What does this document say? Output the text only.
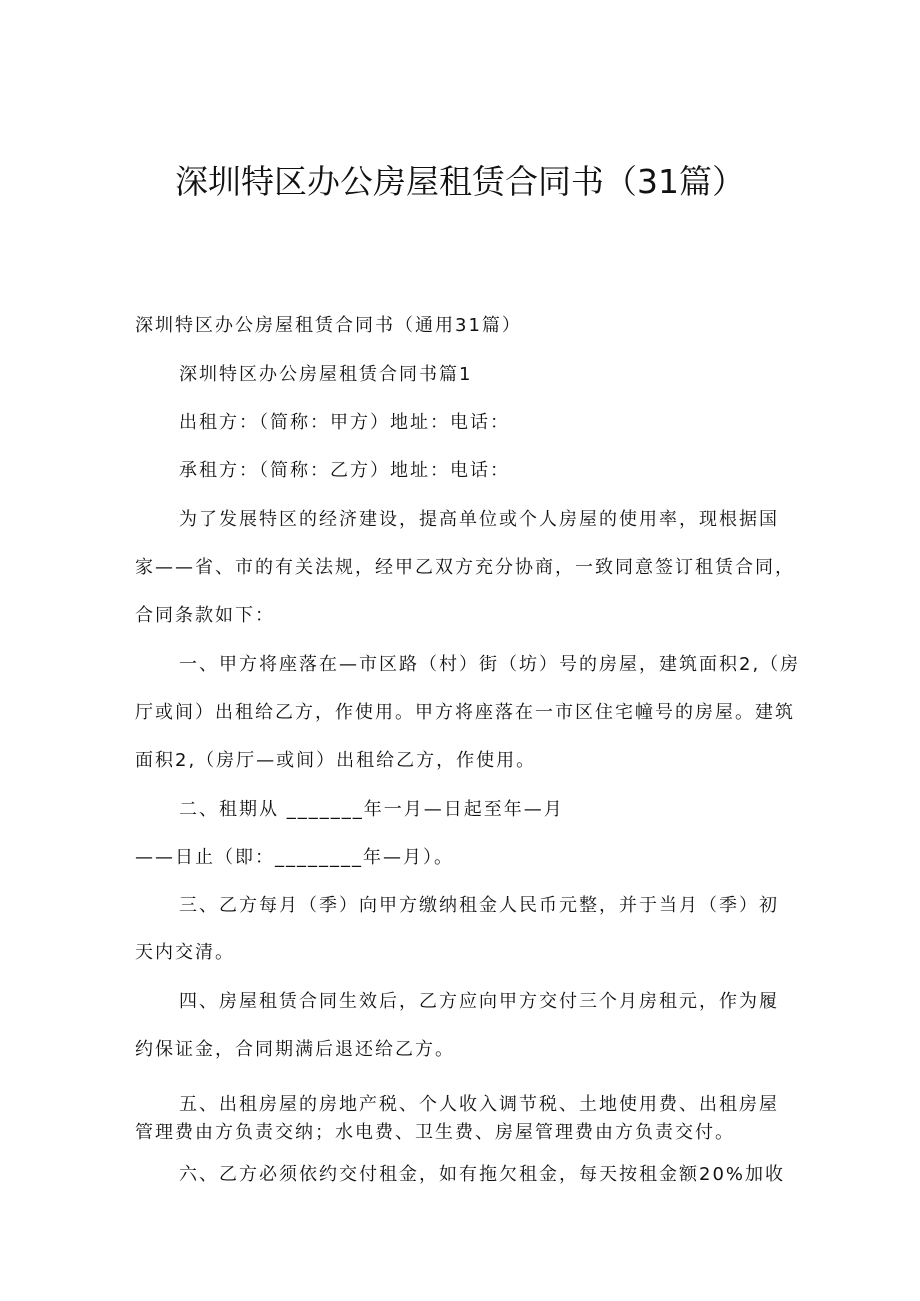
深圳特区办公房屋租赁合同书（31篇）

深圳特区办公房屋租赁合同书（通用31篇）

深圳特区办公房屋租赁合同书篇1

出租方：（简称：甲方）地址：电话：

承租方：（简称：乙方）地址：电话：

为了发展特区的经济建设，提高单位或个人房屋的使用率，现根据国

家——省、市的有关法规，经甲乙双方充分协商，一致同意签订租赁合同，

合同条款如下：

一、甲方将座落在—市区路（村）街（坊）号的房屋，建筑面积2,（房

厅或间）出租给乙方，作使用。甲方将座落在一市区住宅幢号的房屋。建筑

面积2,（房厅—或间）出租给乙方，作使用。

二、租期从 _______年一月—日起至年—月

——日止（即：________年—月）。

三、乙方每月（季）向甲方缴纳租金人民币元整，并于当月（季）初

天内交清。

四、房屋租赁合同生效后，乙方应向甲方交付三个月房租元，作为履

约保证金，合同期满后退还给乙方。

五、出租房屋的房地产税、个人收入调节税、土地使用费、出租房屋

管理费由方负责交纳；水电费、卫生费、房屋管理费由方负责交付。

六、乙方必须依约交付租金，如有拖欠租金，每天按租金额20%加收
